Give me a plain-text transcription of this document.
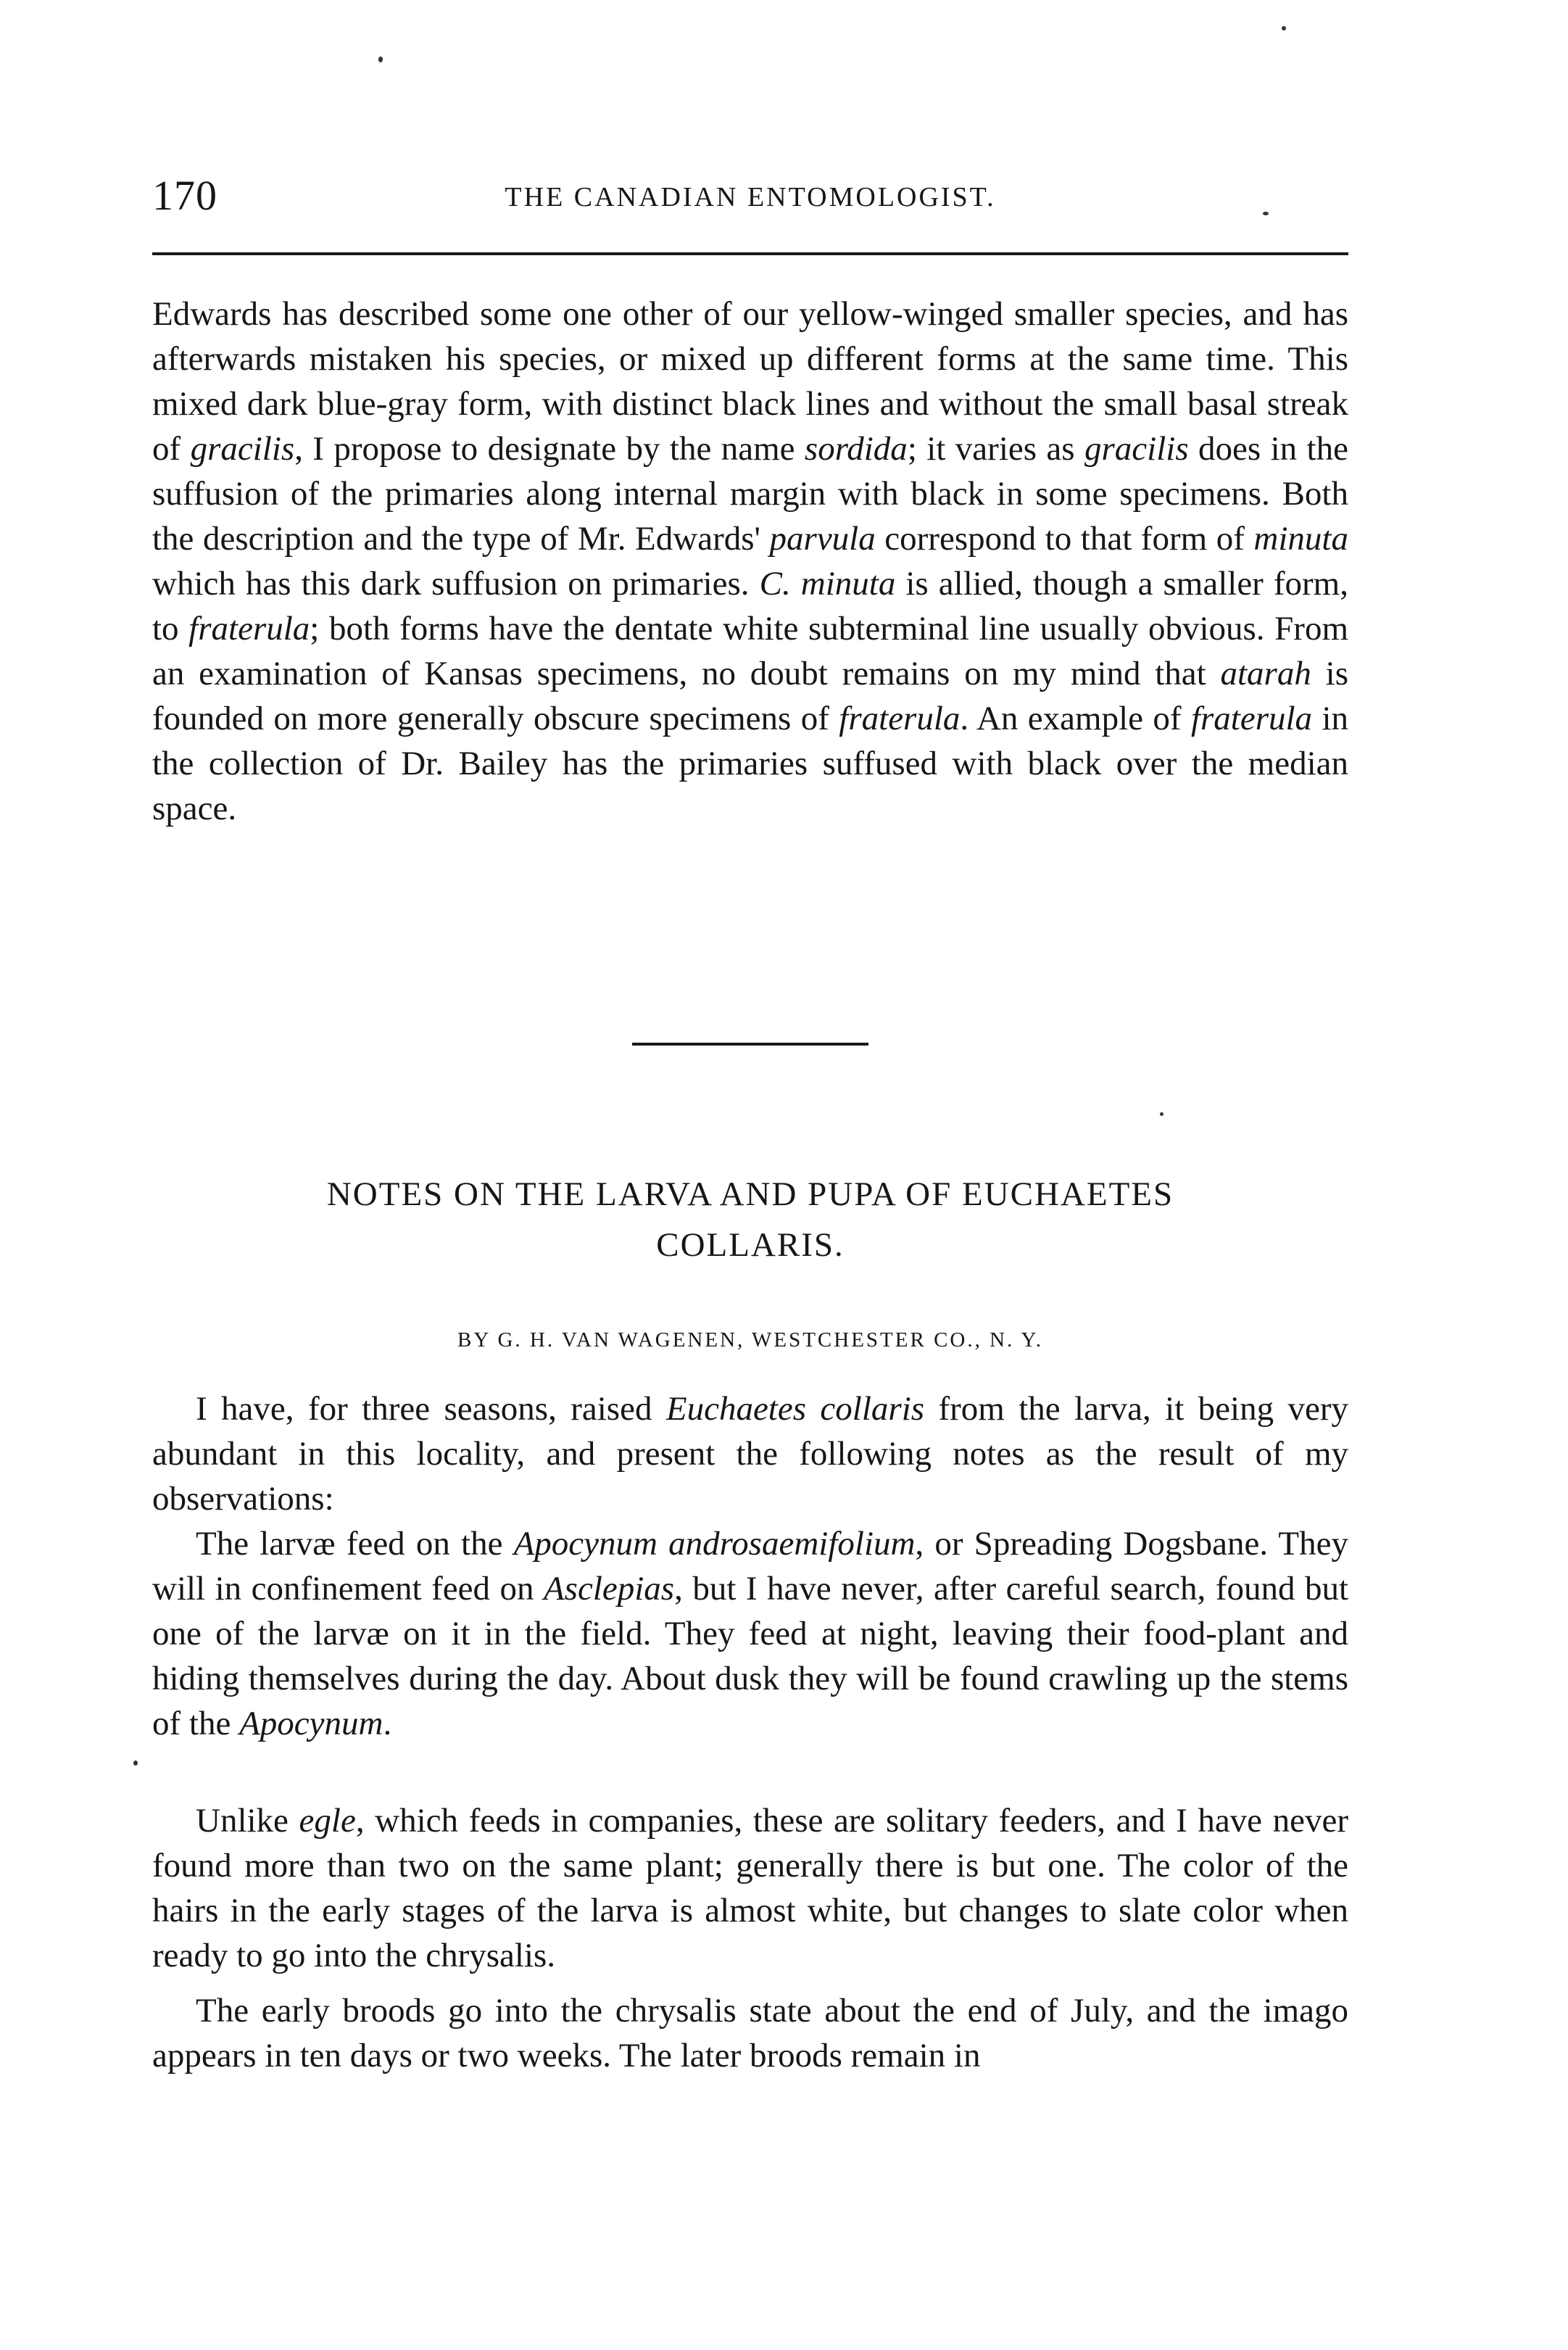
170	THE CANADIAN ENTOMOLOGIST.

Edwards has described some one other of our yellow-winged smaller species, and has afterwards mistaken his species, or mixed up different forms at the same time. This mixed dark blue-gray form, with distinct black lines and without the small basal streak of gracilis, I propose to designate by the name sordida; it varies as gracilis does in the suffusion of the primaries along internal margin with black in some specimens. Both the description and the type of Mr. Edwards' parvula correspond to that form of minuta which has this dark suffusion on primaries. C. minuta is allied, though a smaller form, to fraterula; both forms have the dentate white subterminal line usually obvious. From an examination of Kansas specimens, no doubt remains on my mind that atarah is founded on more generally obscure specimens of fraterula. An example of fraterula in the collection of Dr. Bailey has the primaries suffused with black over the median space.

NOTES ON THE LARVA AND PUPA OF EUCHAETES
COLLARIS.

BY G. H. VAN WAGENEN, WESTCHESTER CO., N. Y.

I have, for three seasons, raised Euchaetes collaris from the larva, it being very abundant in this locality, and present the following notes as the result of my observations:

The larvæ feed on the Apocynum androsaemifolium, or Spreading Dogsbane. They will in confinement feed on Asclepias, but I have never, after careful search, found but one of the larvæ on it in the field. They feed at night, leaving their food-plant and hiding themselves during the day. About dusk they will be found crawling up the stems of the Apocynum.

Unlike egle, which feeds in companies, these are solitary feeders, and I have never found more than two on the same plant; generally there is but one. The color of the hairs in the early stages of the larva is almost white, but changes to slate color when ready to go into the chrysalis.

The early broods go into the chrysalis state about the end of July, and the imago appears in ten days or two weeks. The later broods remain in
